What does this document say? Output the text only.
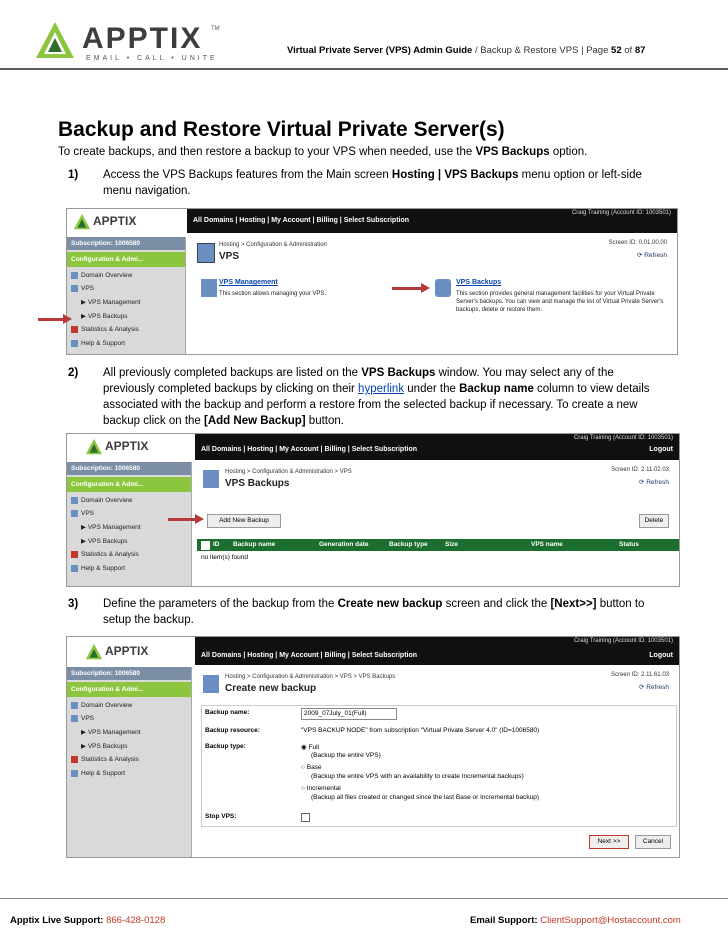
APPTIX TM
EMAIL • CALL • UNITE
Virtual Private Server (VPS) Admin Guide / Backup & Restore VPS | Page 52 of 87
Backup and Restore Virtual Private Server(s)
To create backups, and then restore a backup to your VPS when needed, use the VPS Backups option.
1) Access the VPS Backups features from the Main screen Hosting | VPS Backups menu option or left-side
menu navigation.
APPTIX
Craig Training (Account ID: 1003501)
All Domains | Hosting | My Account | Billing | Select Subscription
Subscription: 1006580
Configuration & Admi...
Domain Overview
VPS
▶ VPS Management
▶ VPS Backups
Statistics & Analysis
Help & Support
Hosting > Configuration & Administration
VPS
Screen ID: 0.01.00.00
⟳ Refresh
VPS Management
This section allows managing your VPS.
VPS Backups
This section provides general management facilities for your Virtual Private Server's backups. You can view and manage the list of Virtual Private Server's backups, delete or restore them.
2) All previously completed backups are listed on the VPS Backups window. You may select any of the
previously completed backups by clicking on their hyperlink under the Backup name column to view details
associated with the backup and perform a restore from the selected backup if necessary. To create a new
backup click on the [Add New Backup] button.
APPTIX
Craig Training (Account ID: 1003501)
All Domains | Hosting | My Account | Billing | Select Subscription	Logout
Subscription: 1006580
Configuration & Admi...
Domain Overview
VPS
▶ VPS Management
▶ VPS Backups
Statistics & Analysis
Help & Support
Hosting > Configuration & Administration > VPS
VPS Backups
Screen ID: 2.11.02.03
⟳ Refresh
Add New Backup	Delete
ID Backup name	Generation date	Backup type	Size	VPS name	Status
no item(s) found
3) Define the parameters of the backup from the Create new backup screen and click the [Next>>] button to
setup the backup.
APPTIX
Craig Training (Account ID: 1003501)
All Domains | Hosting | My Account | Billing | Select Subscription	Logout
Subscription: 1006580
Configuration & Admi...
Domain Overview
VPS
▶ VPS Management
▶ VPS Backups
Statistics & Analysis
Help & Support
Hosting > Configuration & Administration > VPS > VPS Backups
Create new backup
Screen ID: 2.11.61.03
⟳ Refresh
Backup name:	2009_07July_01(Full)
Backup resource:	"VPS BACKUP NODE" from subscription "Virtual Private Server 4.0" (ID=1006580)
Backup type:	◉ Full
(Backup the entire VPS)
○ Base
(Backup the entire VPS with an availability to create Incremental backups)
○ Incremental
(Backup all files created or changed since the last Base or Incremental backup)
Stop VPS:
Next >>	Cancel
Apptix Live Support: 866-428-0128	Email Support: ClientSupport@Hostaccount.com
